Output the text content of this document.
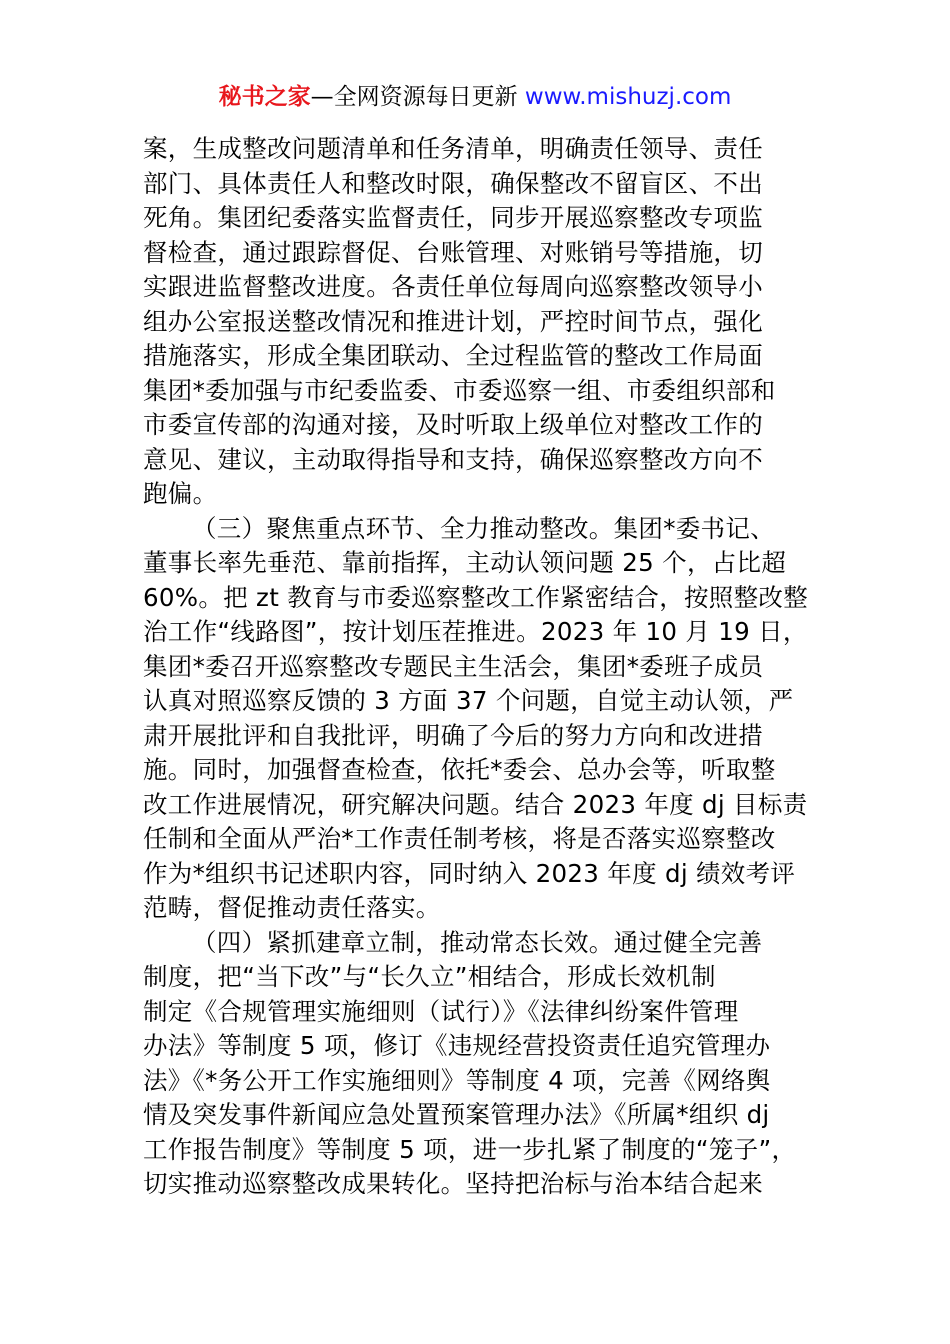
秘书之家—全网资源每日更新 www.mishuzj.com
案，生成整改问题清单和任务清单，明确责任领导、责任
部门、具体责任人和整改时限，确保整改不留盲区、不出
死角。集团纪委落实监督责任，同步开展巡察整改专项监
督检查，通过跟踪督促、台账管理、对账销号等措施，切
实跟进监督整改进度。各责任单位每周向巡察整改领导小
组办公室报送整改情况和推进计划，严控时间节点，强化
措施落实，形成全集团联动、全过程监管的整改工作局面
集团*委加强与市纪委监委、市委巡察一组、市委组织部和
市委宣传部的沟通对接，及时听取上级单位对整改工作的
意见、建议，主动取得指导和支持，确保巡察整改方向不
跑偏。
（三）聚焦重点环节、全力推动整改。集团*委书记、
董事长率先垂范、靠前指挥，主动认领问题 25 个，占比超
60%。把 zt 教育与市委巡察整改工作紧密结合，按照整改整
治工作“线路图”，按计划压茬推进。2023 年 10 月 19 日，
集团*委召开巡察整改专题民主生活会，集团*委班子成员
认真对照巡察反馈的 3 方面 37 个问题，自觉主动认领，严
肃开展批评和自我批评，明确了今后的努力方向和改进措
施。同时，加强督查检查，依托*委会、总办会等，听取整
改工作进展情况，研究解决问题。结合 2023 年度 dj 目标责
任制和全面从严治*工作责任制考核，将是否落实巡察整改
作为*组织书记述职内容，同时纳入 2023 年度 dj 绩效考评
范畴，督促推动责任落实。
（四）紧抓建章立制，推动常态长效。通过健全完善
制度，把“当下改”与“长久立”相结合，形成长效机制
制定《合规管理实施细则（试行）》《法律纠纷案件管理
办法》等制度 5 项，修订《违规经营投资责任追究管理办
法》《*务公开工作实施细则》等制度 4 项，完善《网络舆
情及突发事件新闻应急处置预案管理办法》《所属*组织 dj
工作报告制度》等制度 5 项，进一步扎紧了制度的“笼子”，
切实推动巡察整改成果转化。坚持把治标与治本结合起来
